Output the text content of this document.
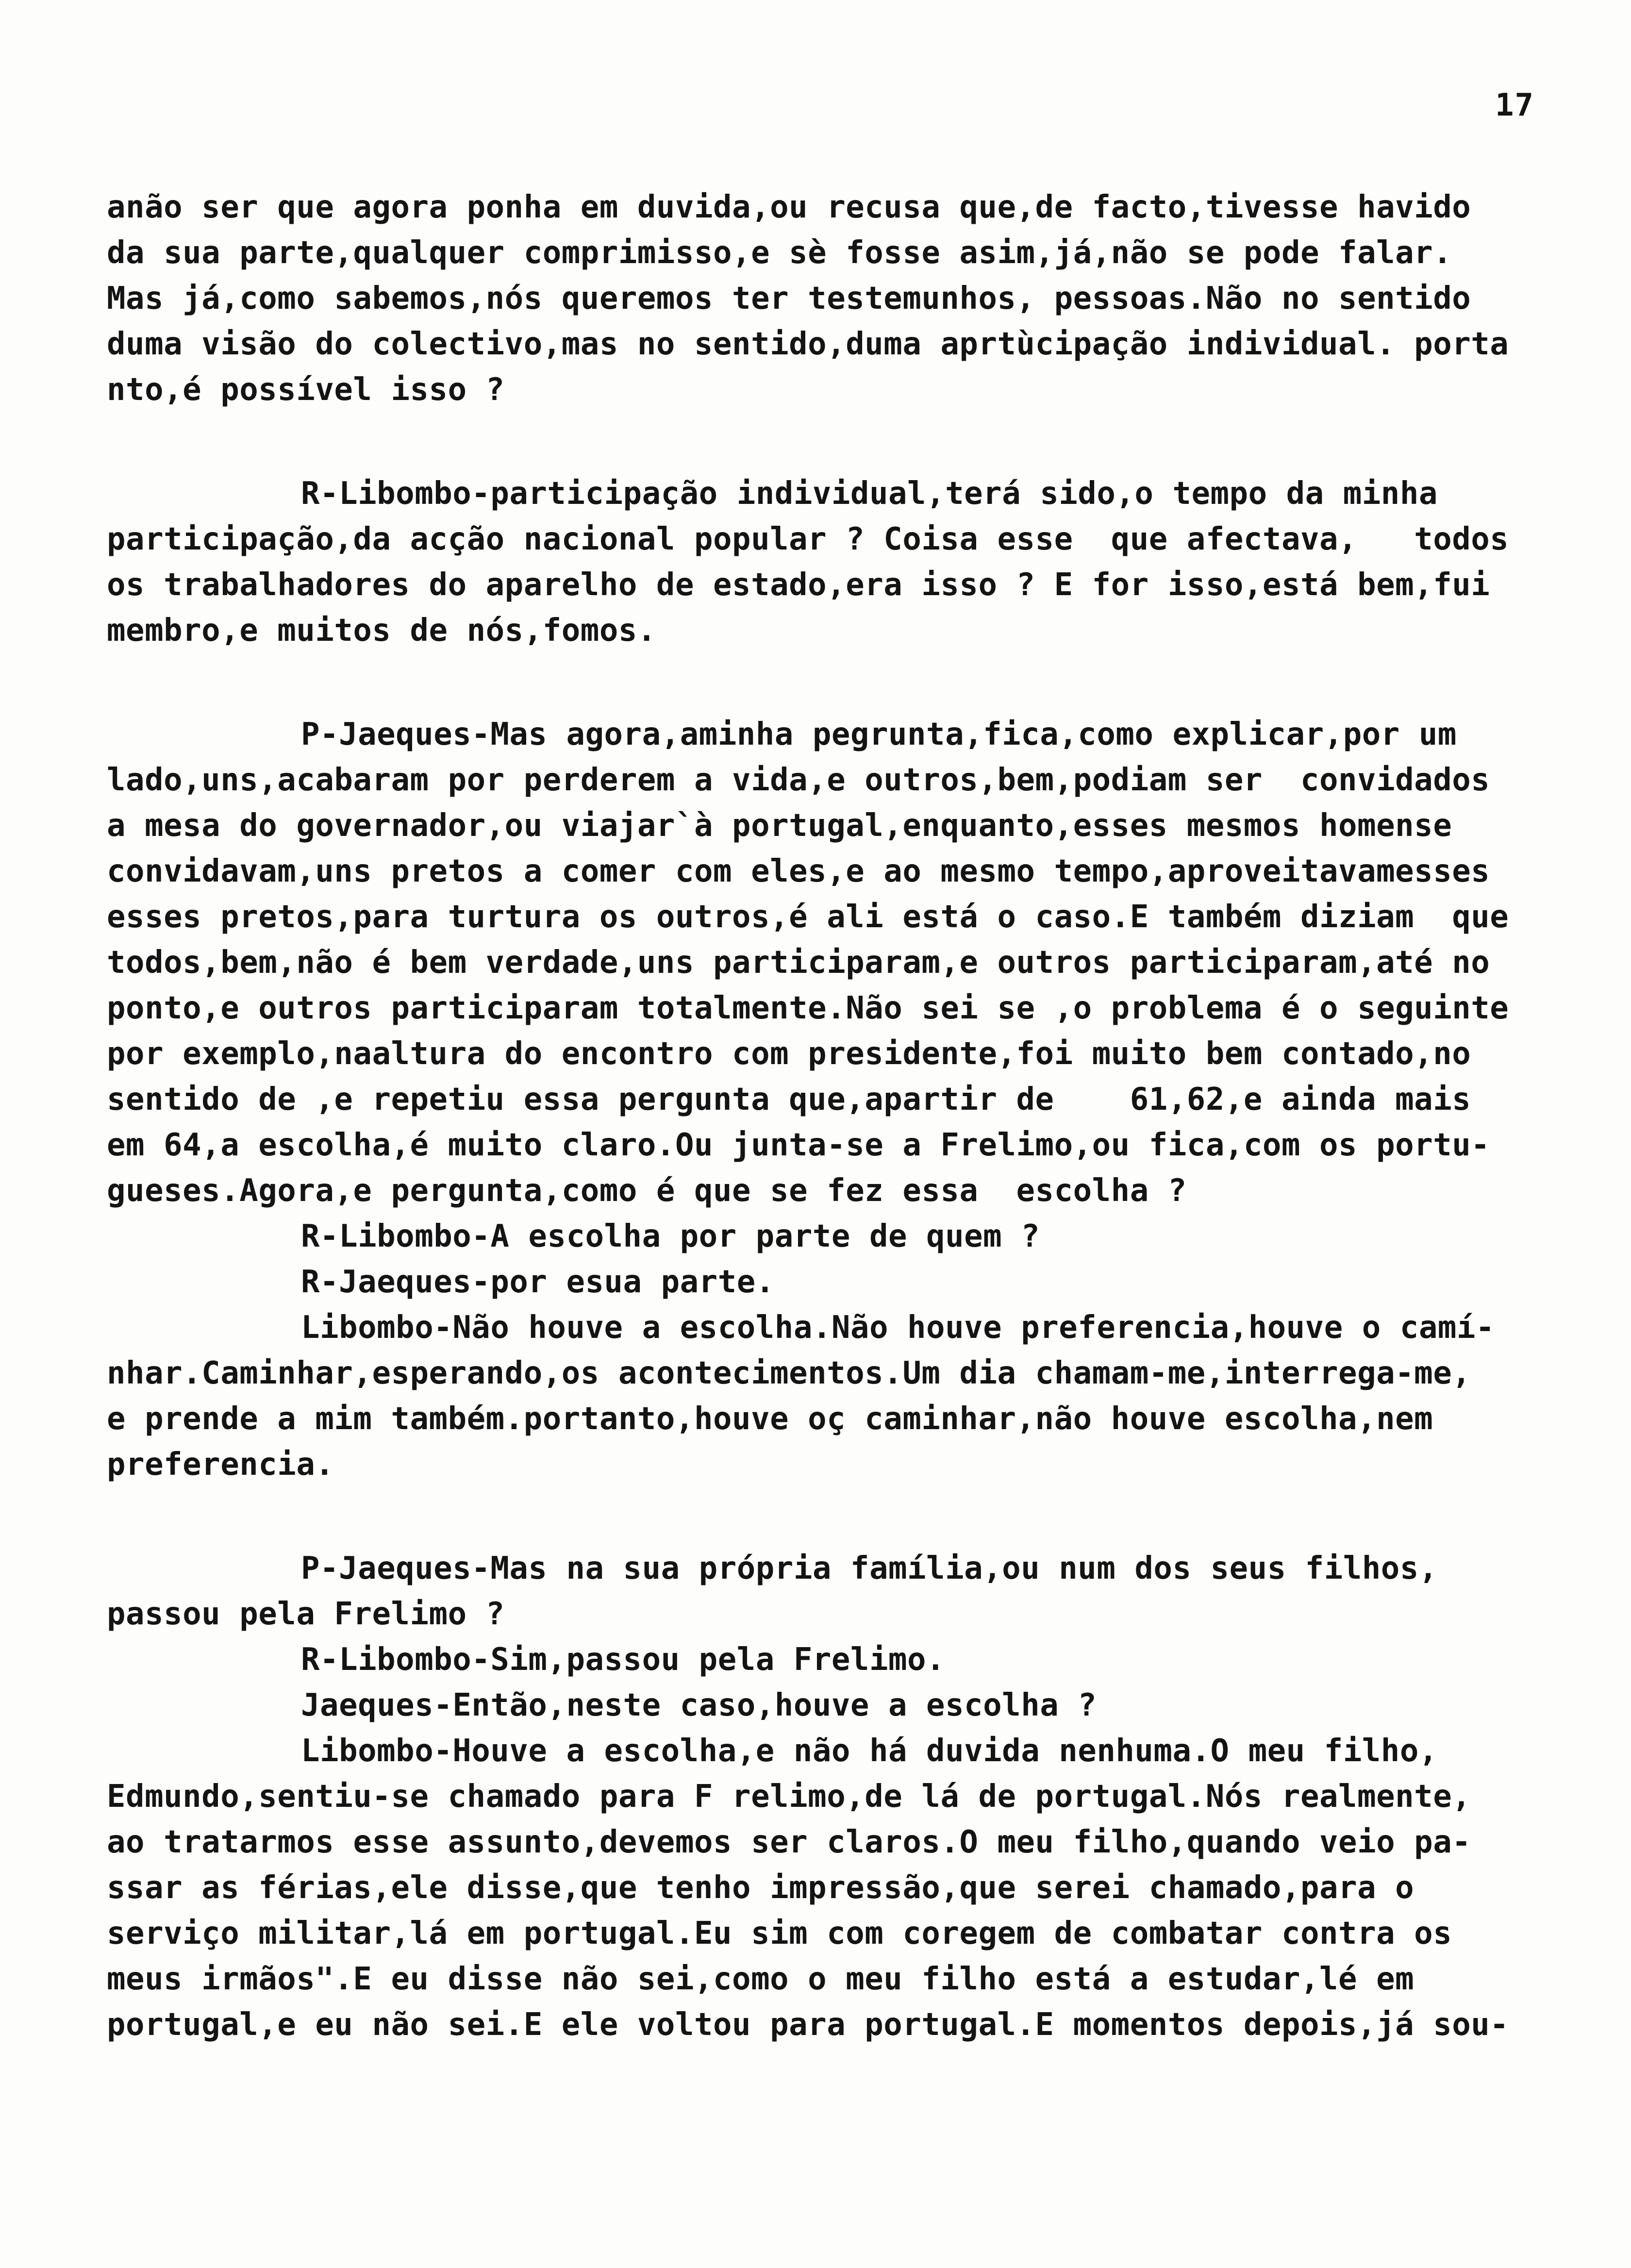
17
anão ser que agora ponha em duvida,ou recusa que,de facto,tivesse havido
da sua parte,qualquer comprimisso,e sè fosse asim,já,não se pode falar.
Mas já,como sabemos,nós queremos ter testemunhos, pessoas.Não no sentido
duma visão do colectivo,mas no sentido,duma aprtùcipação individual. porta
nto,é possível isso ?
R-Libombo-participação individual,terá sido,o tempo da minha
participação,da acção nacional popular ? Coisa esse  que afectava,   todos
os trabalhadores do aparelho de estado,era isso ? E for isso,está bem,fui
membro,e muitos de nós,fomos.
P-Jaeques-Mas agora,aminha pegrunta,fica,como explicar,por um
lado,uns,acabaram por perderem a vida,e outros,bem,podiam ser  convidados
a mesa do governador,ou viajar`à portugal,enquanto,esses mesmos homense
convidavam,uns pretos a comer com eles,e ao mesmo tempo,aproveitavamesses
esses pretos,para turtura os outros,é ali está o caso.E também diziam  que
todos,bem,não é bem verdade,uns participaram,e outros participaram,até no
ponto,e outros participaram totalmente.Não sei se ,o problema é o seguinte
por exemplo,naaltura do encontro com presidente,foi muito bem contado,no
sentido de ,e repetiu essa pergunta que,apartir de    61,62,e ainda mais
em 64,a escolha,é muito claro.Ou junta-se a Frelimo,ou fica,com os portu-
gueses.Agora,e pergunta,como é que se fez essa  escolha ?
R-Libombo-A escolha por parte de quem ?
R-Jaeques-por esua parte.
Libombo-Não houve a escolha.Não houve preferencia,houve o camí-
nhar.Caminhar,esperando,os acontecimentos.Um dia chamam-me,interrega-me,
e prende a mim também.portanto,houve oç caminhar,não houve escolha,nem
preferencia.
P-Jaeques-Mas na sua própria família,ou num dos seus filhos,
passou pela Frelimo ?
R-Libombo-Sim,passou pela Frelimo.
Jaeques-Então,neste caso,houve a escolha ?
Libombo-Houve a escolha,e não há duvida nenhuma.O meu filho,
Edmundo,sentiu-se chamado para F relimo,de lá de portugal.Nós realmente,
ao tratarmos esse assunto,devemos ser claros.O meu filho,quando veio pa-
ssar as férias,ele disse,que tenho impressão,que serei chamado,para o
serviço militar,lá em portugal.Eu sim com coregem de combatar contra os
meus irmãos".E eu disse não sei,como o meu filho está a estudar,lé em
portugal,e eu não sei.E ele voltou para portugal.E momentos depois,já sou-
